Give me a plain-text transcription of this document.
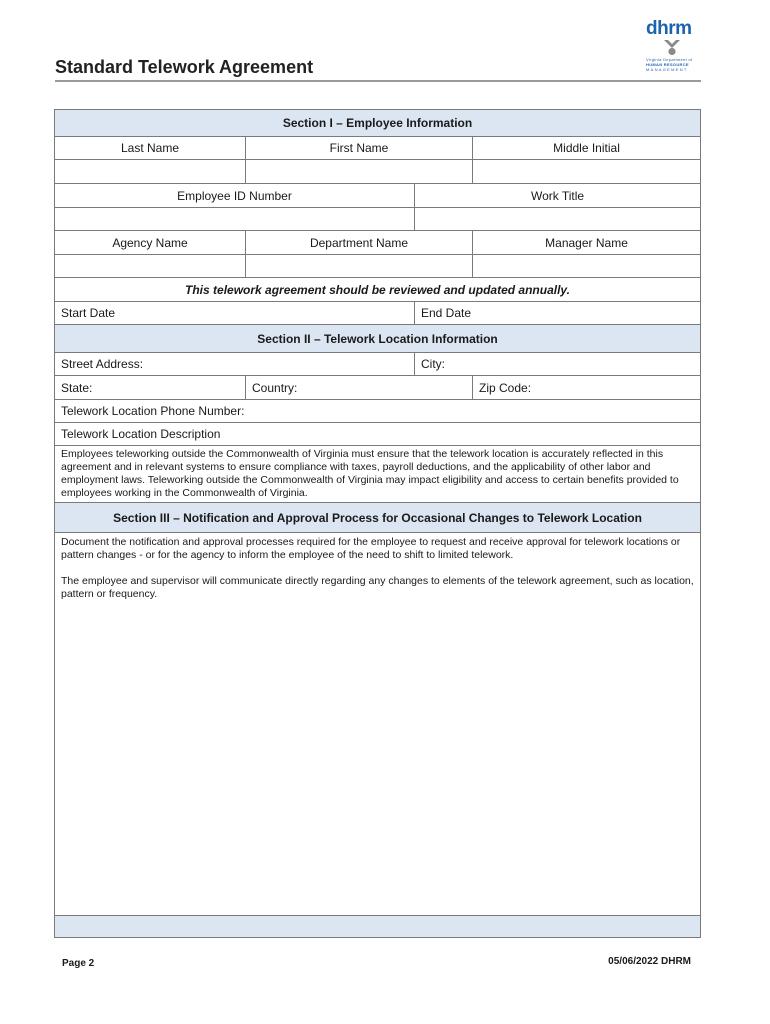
Standard Telework Agreement
dhrm
Virginia Department of
HUMAN RESOURCE
MANAGEMENT
Section I – Employee Information			
Last Name	First Name		Middle Initial

Employee ID Number		Work Title	

Agency Name	Department Name		Manager Name

This telework agreement should be reviewed and updated annually.			
Start Date		End Date	
Section II – Telework Location Information			
Street Address:		City:	
State:	Country:		Zip Code:
Telework Location Phone Number:			
Telework Location Description			
Employees teleworking outside the Commonwealth of Virginia must ensure that the telework location is accurately reflected in this agreement and in relevant systems to ensure compliance with taxes, payroll deductions, and the applicability of other labor and employment laws. Teleworking outside the Commonwealth of Virginia may impact eligibility and access to certain benefits provided to employees working in the Commonwealth of Virginia.			
Section III – Notification and Approval Process for Occasional Changes to Telework Location			

Document the notification and approval processes required for the employee to request and receive approval for telework locations or pattern changes - or for the agency to inform the employee of the need to shift to limited telework.

The employee and supervisor will communicate directly regarding any changes to elements of the telework agreement, such as location, pattern or frequency.			

Page 2	05/06/2022 DHRM
